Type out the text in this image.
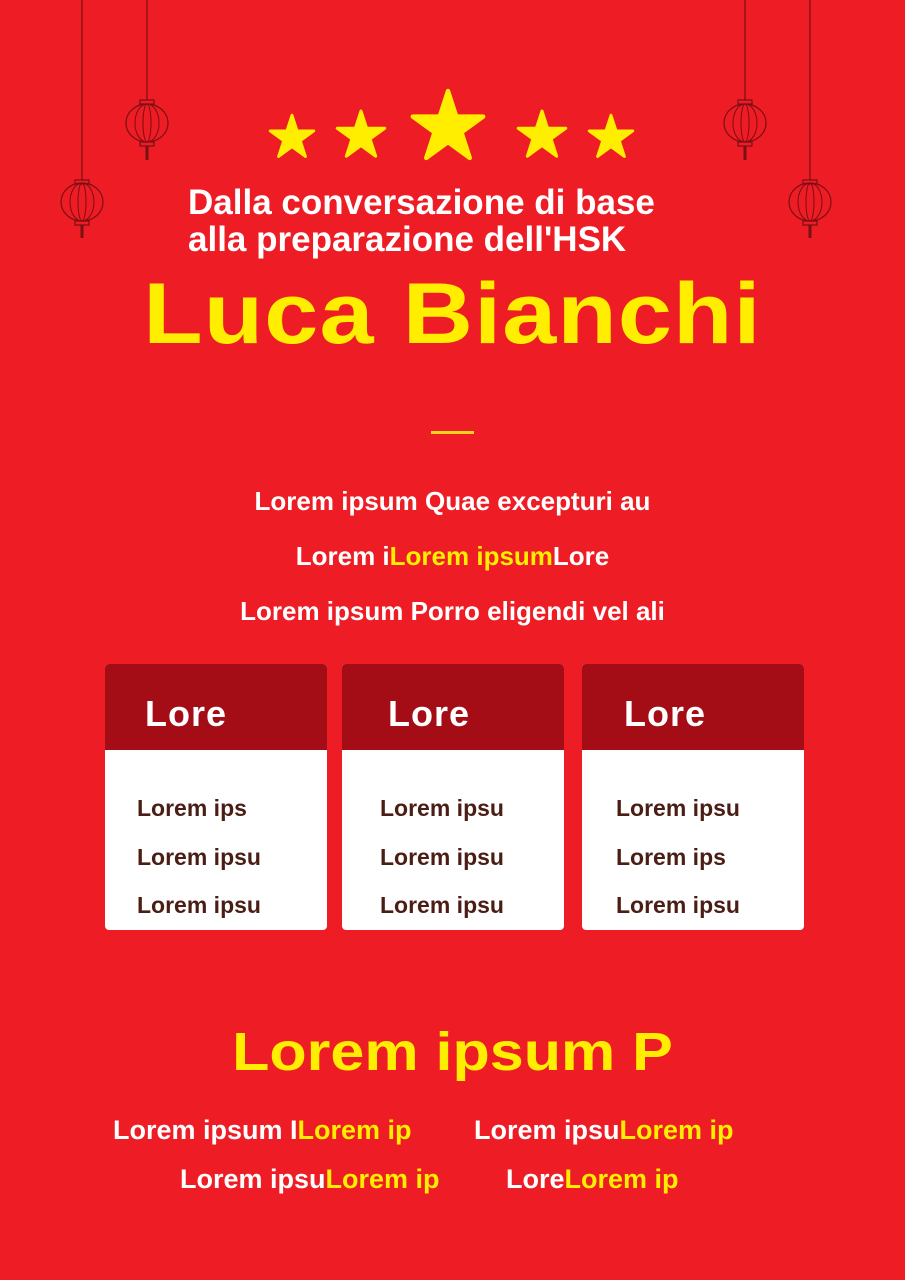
Dalla conversazione di base
alla preparazione dell'HSK
Luca Bianchi
Lorem ipsum Quae excepturi au
Lorem iLorem ipsumLore
Lorem ipsum Porro eligendi vel ali
Lore
Lorem ips
Lorem ipsu
Lorem ipsu
Lore
Lorem ipsu
Lorem ipsu
Lorem ipsu
Lore
Lorem ipsu
Lorem ips
Lorem ipsu
Lorem ipsum P
Lorem ipsum ILorem ip Lorem ipsuLorem ip
Lorem ipsuLorem ip LoreLorem ip
